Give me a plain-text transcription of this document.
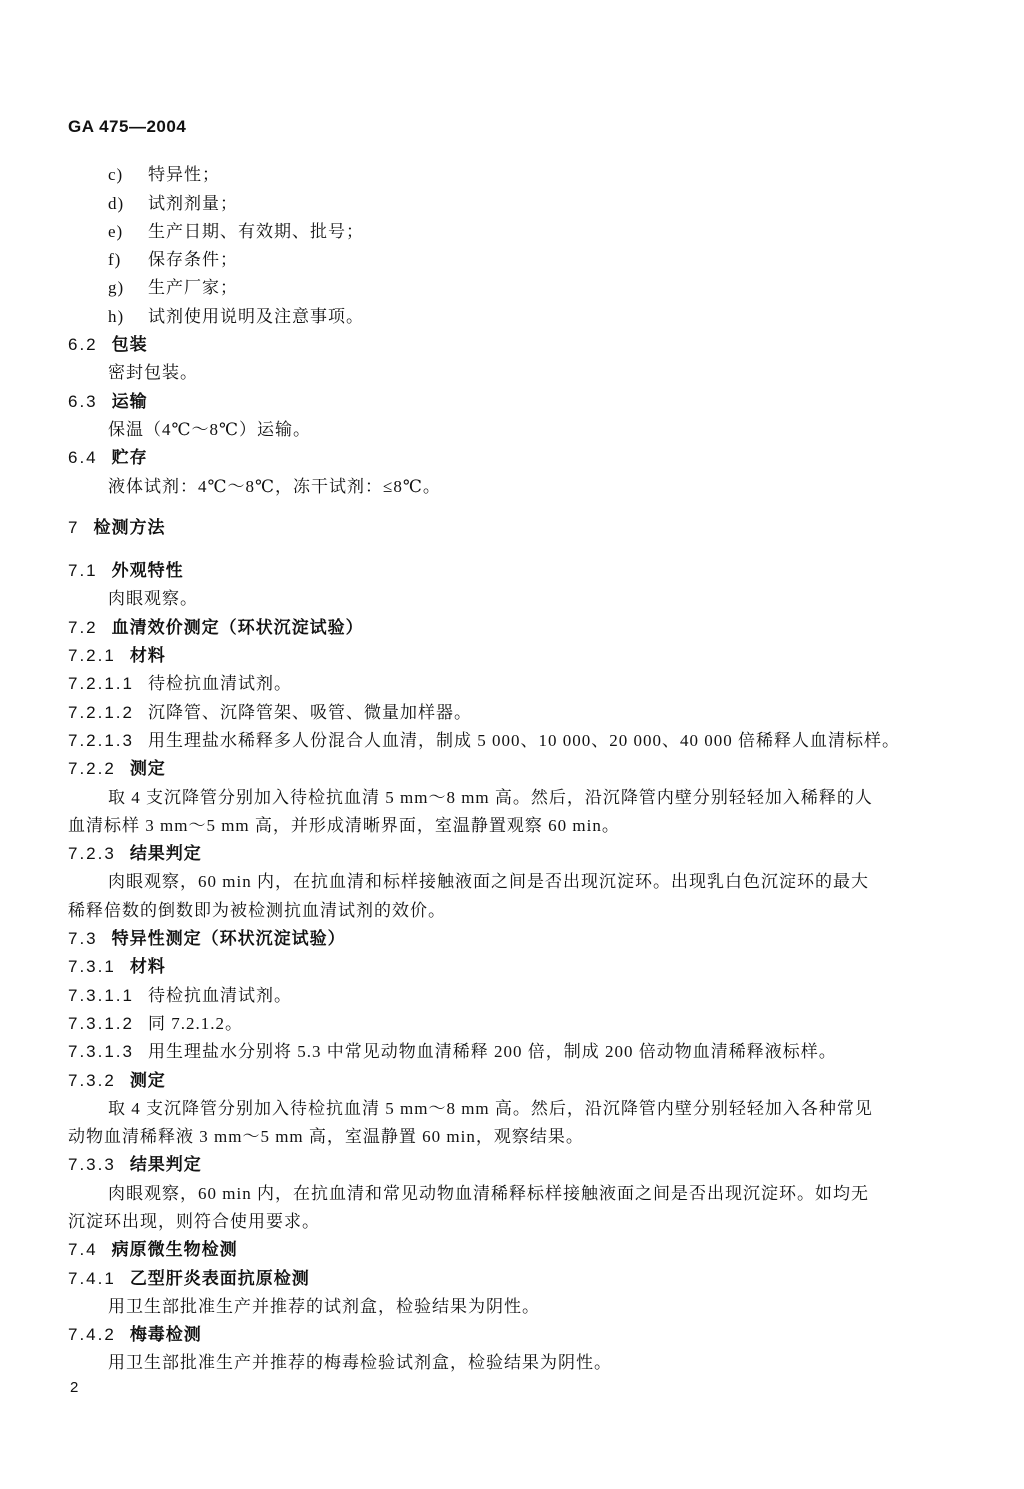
GA 475—2004
c) 特异性；
d) 试剂剂量；
e) 生产日期、有效期、批号；
f) 保存条件；
g) 生产厂家；
h) 试剂使用说明及注意事项。
6.2 包装
密封包装。
6.3 运输
保温（4℃～8℃）运输。
6.4 贮存
液体试剂：4℃～8℃，冻干试剂：≤8℃。
7 检测方法
7.1 外观特性
肉眼观察。
7.2 血清效价测定（环状沉淀试验）
7.2.1 材料
7.2.1.1 待检抗血清试剂。
7.2.1.2 沉降管、沉降管架、吸管、微量加样器。
7.2.1.3 用生理盐水稀释多人份混合人血清，制成 5 000、10 000、20 000、40 000 倍稀释人血清标样。
7.2.2 测定
取 4 支沉降管分别加入待检抗血清 5 mm～8 mm 高。然后，沿沉降管内壁分别轻轻加入稀释的人
血清标样 3 mm～5 mm 高，并形成清晰界面，室温静置观察 60 min。
7.2.3 结果判定
肉眼观察，60 min 内，在抗血清和标样接触液面之间是否出现沉淀环。出现乳白色沉淀环的最大
稀释倍数的倒数即为被检测抗血清试剂的效价。
7.3 特异性测定（环状沉淀试验）
7.3.1 材料
7.3.1.1 待检抗血清试剂。
7.3.1.2 同 7.2.1.2。
7.3.1.3 用生理盐水分别将 5.3 中常见动物血清稀释 200 倍，制成 200 倍动物血清稀释液标样。
7.3.2 测定
取 4 支沉降管分别加入待检抗血清 5 mm～8 mm 高。然后，沿沉降管内壁分别轻轻加入各种常见
动物血清稀释液 3 mm～5 mm 高，室温静置 60 min，观察结果。
7.3.3 结果判定
肉眼观察，60 min 内，在抗血清和常见动物血清稀释标样接触液面之间是否出现沉淀环。如均无
沉淀环出现，则符合使用要求。
7.4 病原微生物检测
7.4.1 乙型肝炎表面抗原检测
用卫生部批准生产并推荐的试剂盒，检验结果为阴性。
7.4.2 梅毒检测
用卫生部批准生产并推荐的梅毒检验试剂盒，检验结果为阴性。
2
